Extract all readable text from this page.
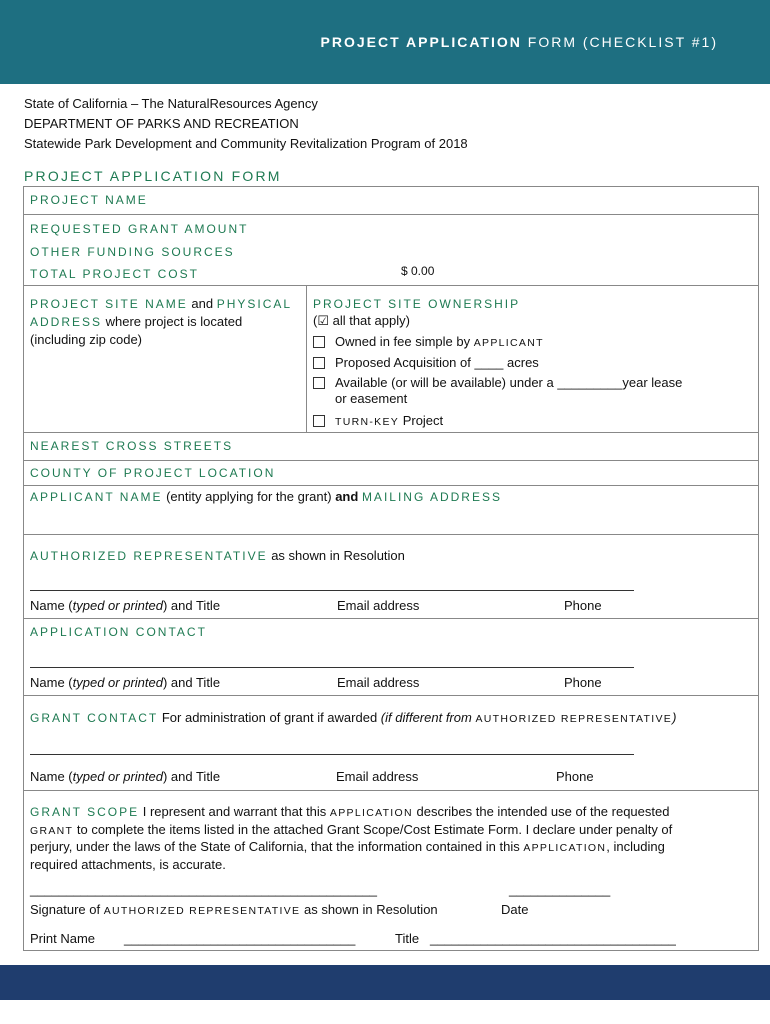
PROJECT APPLICATION FORM (CHECKLIST #1)
State of California – The NaturalResources Agency
DEPARTMENT OF PARKS AND RECREATION
Statewide Park Development and Community Revitalization Program of 2018
PROJECT APPLICATION FORM
PROJECT NAME
REQUESTED GRANT AMOUNT
OTHER FUNDING SOURCES
TOTAL PROJECT COST	$ 0.00
PROJECT SITE NAME and PHYSICAL
ADDRESS where project is located
(including zip code)
PROJECT SITE OWNERSHIP
(☑ all that apply)
Owned in fee simple by APPLICANT
Proposed Acquisition of ____ acres
Available (or will be available) under a _________year lease
or easement
TURN-KEY Project
NEAREST CROSS STREETS
COUNTY OF PROJECT LOCATION
APPLICANT NAME (entity applying for the grant) and MAILING ADDRESS
AUTHORIZED REPRESENTATIVE as shown in Resolution
Name (typed or printed) and Title	Email address	Phone
APPLICATION CONTACT
Name (typed or printed) and Title	Email address	Phone
GRANT CONTACT For administration of grant if awarded (if different from AUTHORIZED REPRESENTATIVE)
Name (typed or printed) and Title	Email address	Phone
GRANT SCOPE I represent and warrant that this APPLICATION describes the intended use of the requested
GRANT to complete the items listed in the attached Grant Scope/Cost Estimate Form. I declare under penalty of
perjury, under the laws of the State of California, that the information contained in this APPLICATION, including
required attachments, is accurate.
________________________________________________	______________
Signature of AUTHORIZED REPRESENTATIVE as shown in Resolution	Date
Print Name ________________________________	Title __________________________________
